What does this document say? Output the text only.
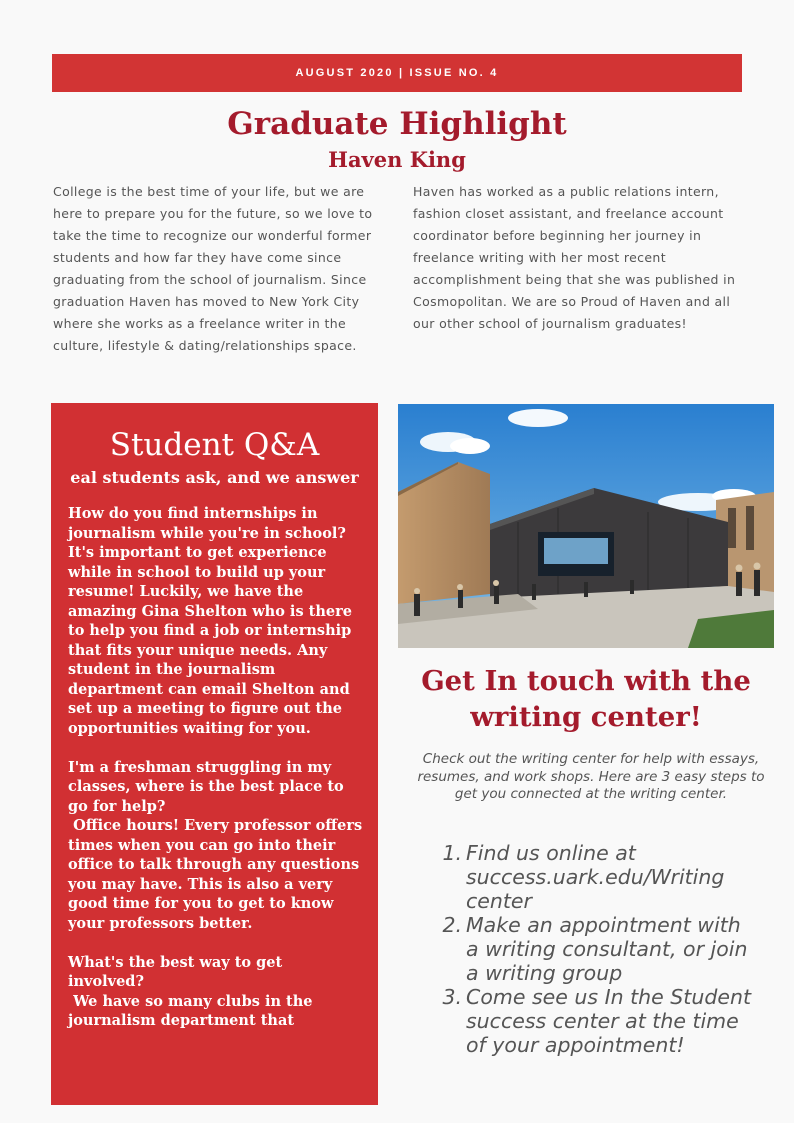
AUGUST 2020 | ISSUE NO. 4
Graduate Highlight
Haven King
College is the best time of your life, but we are here to prepare you for the future, so we love to take the time to recognize our wonderful former students and how far they have come since graduating from the school of journalism. Since graduation Haven has moved to New York City where she works as a freelance writer in the culture, lifestyle & dating/relationships space.
Haven has worked as a public relations intern, fashion closet assistant, and freelance account coordinator before beginning her journey in freelance writing with her most recent accomplishment being that she was published in Cosmopolitan. We are so Proud of Haven and all our other school of journalism graduates!
Student Q&A
eal students ask, and we answer

How do you find internships in journalism while you're in school?

It's important to get experience while in school to build up your resume! Luckily, we have the amazing Gina Shelton who is there to help you find a job or internship that fits your unique needs. Any student in the journalism department can email Shelton and set up a meeting to figure out the opportunities waiting for you.

I'm a freshman struggling in my classes, where is the best place to go for help?

Office hours! Every professor offers times when you can go into their office to talk through any questions you may have. This is also a very good time for you to get to know your professors better.

What's the best way to get involved?

We have so many clubs in the journalism department that

Get In touch with the writing center!
Check out the writing center for help with essays, resumes, and work shops. Here are 3 easy steps to get you connected at the writing center.
1. Find us online at success.uark.edu/Writing center
2. Make an appointment with a writing consultant, or join a writing group
3. Come see us In the Student success center at the time of your appointment!
